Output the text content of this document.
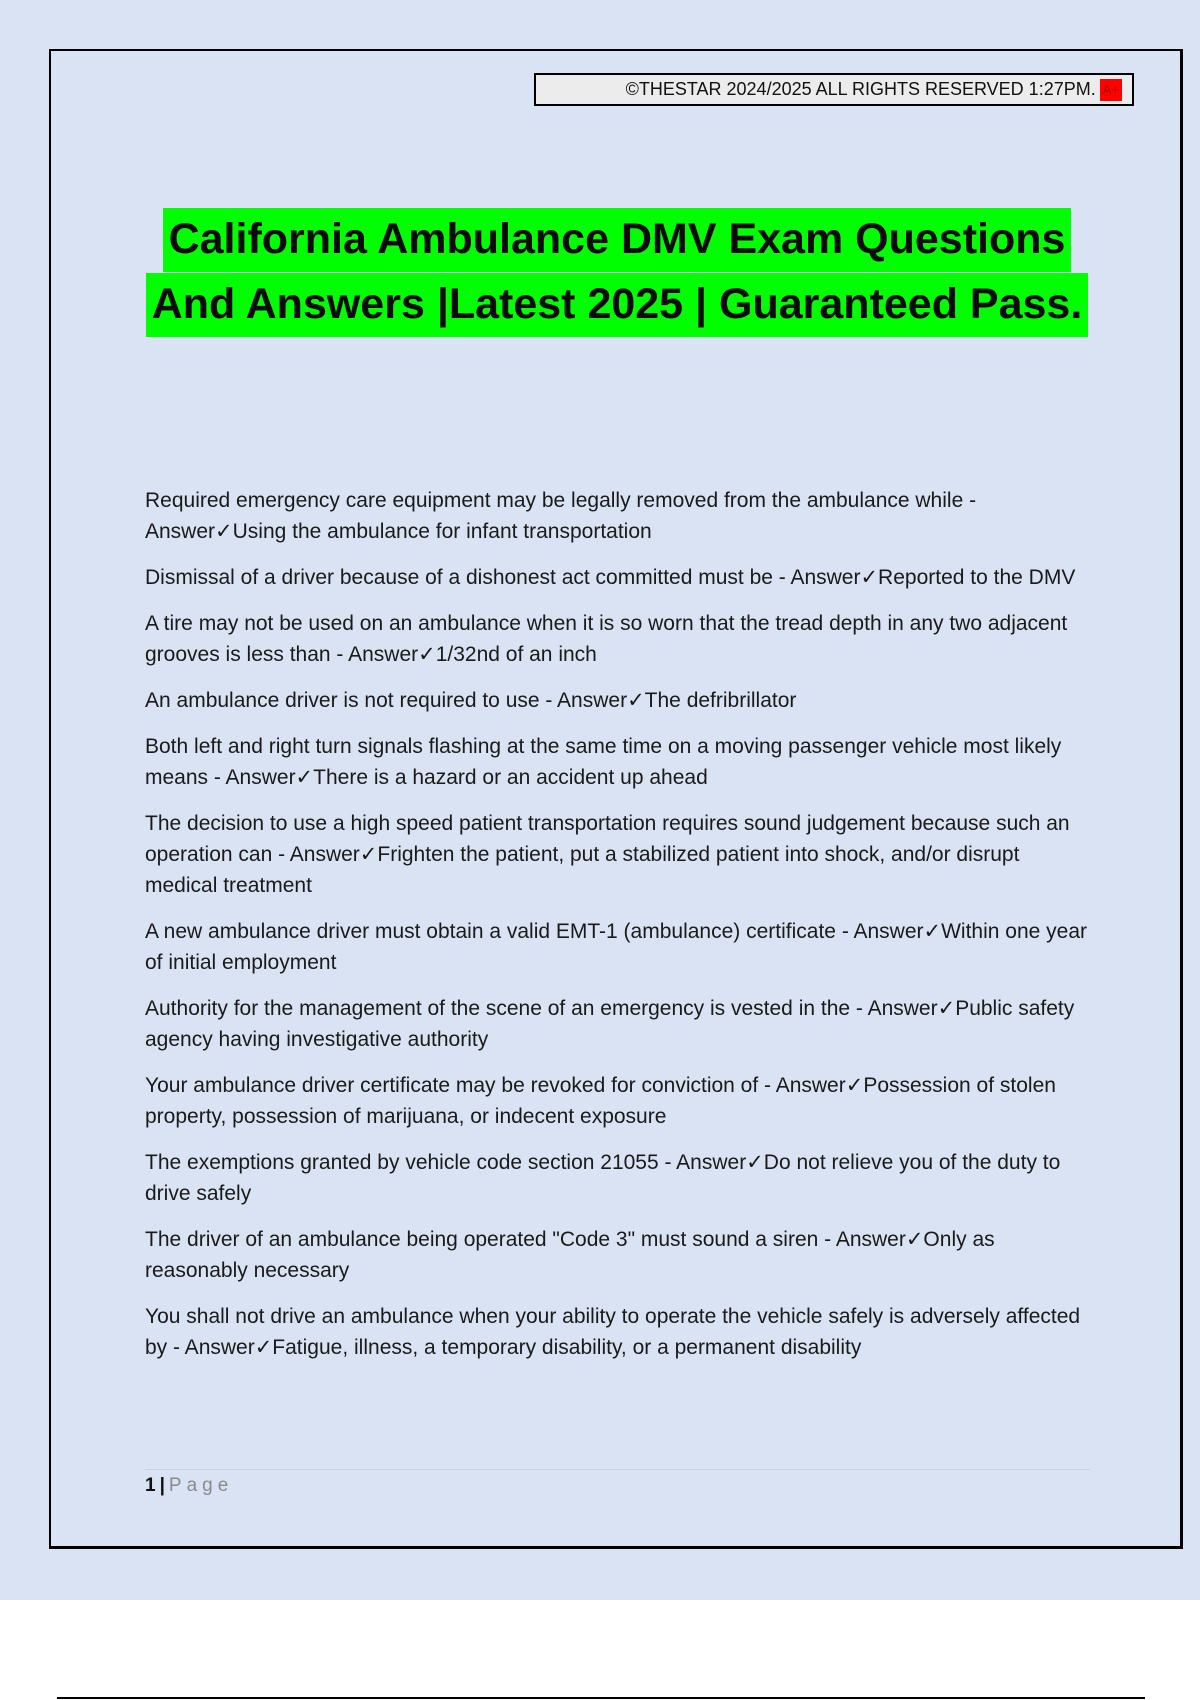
©THESTAR 2024/2025 ALL RIGHTS RESERVED 1:27PM. A+
California Ambulance DMV Exam Questions
And Answers |Latest 2025 | Guaranteed Pass.

Required emergency care equipment may be legally removed from the ambulance while - Answer✓Using the ambulance for infant transportation

Dismissal of a driver because of a dishonest act committed must be - Answer✓Reported to the DMV

A tire may not be used on an ambulance when it is so worn that the tread depth in any two adjacent grooves is less than - Answer✓1/32nd of an inch

An ambulance driver is not required to use - Answer✓The defribrillator

Both left and right turn signals flashing at the same time on a moving passenger vehicle most likely means - Answer✓There is a hazard or an accident up ahead

The decision to use a high speed patient transportation requires sound judgement because such an operation can - Answer✓Frighten the patient, put a stabilized patient into shock, and/or disrupt medical treatment

A new ambulance driver must obtain a valid EMT-1 (ambulance) certificate - Answer✓Within one year of initial employment

Authority for the management of the scene of an emergency is vested in the - Answer✓Public safety agency having investigative authority

Your ambulance driver certificate may be revoked for conviction of - Answer✓Possession of stolen property, possession of marijuana, or indecent exposure

The exemptions granted by vehicle code section 21055 - Answer✓Do not relieve you of the duty to drive safely

The driver of an ambulance being operated "Code 3" must sound a siren - Answer✓Only as reasonably necessary

You shall not drive an ambulance when your ability to operate the vehicle safely is adversely affected by - Answer✓Fatigue, illness, a temporary disability, or a permanent disability

1 | Page
